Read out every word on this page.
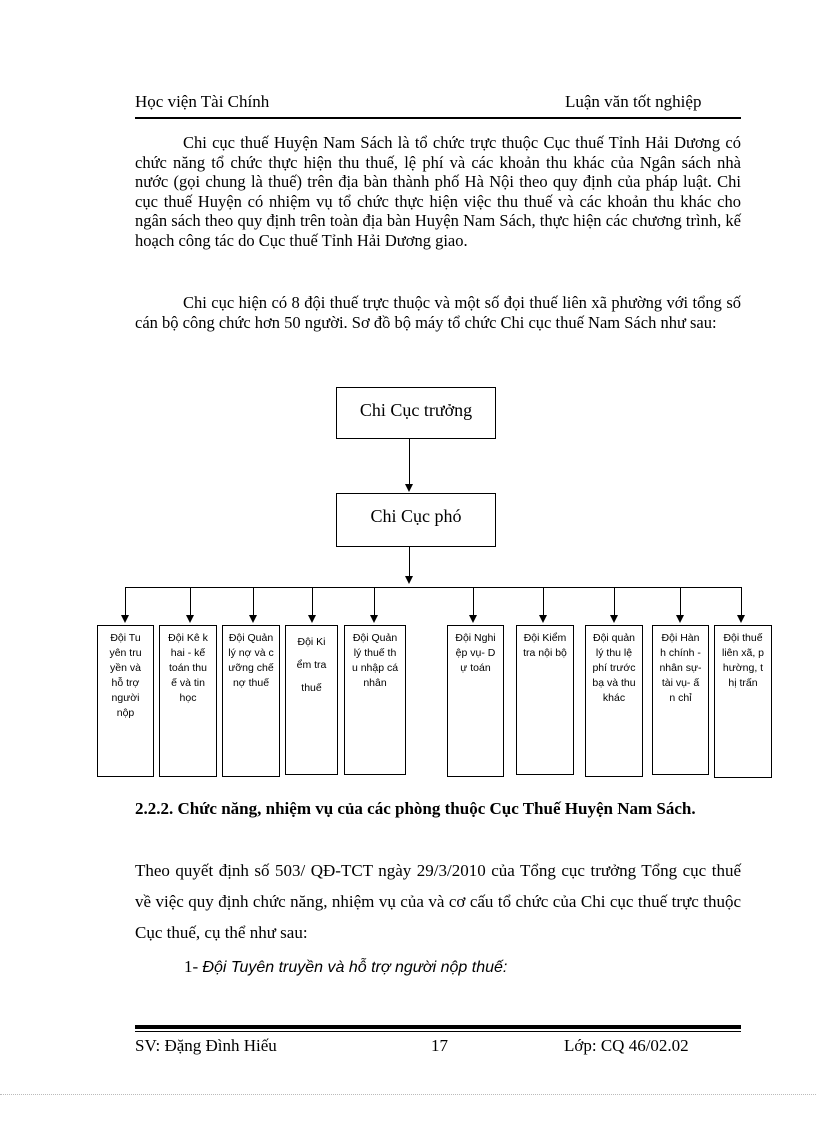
Học viện Tài Chính	Luận văn tốt nghiệp
Chi cục thuế Huyện Nam Sách là tổ chức trực thuộc Cục thuế Tỉnh Hải Dương có chức năng tổ chức thực hiện thu thuế, lệ phí và các khoản thu khác của Ngân sách nhà nước (gọi chung là thuế) trên địa bàn thành phố Hà Nội theo quy định của pháp luật. Chi cục thuế Huyện có nhiệm vụ tổ chức thực hiện việc thu thuế và các khoản thu khác cho ngân sách theo quy định trên toàn địa bàn Huyện Nam Sách, thực hiện các chương trình, kế hoạch công tác do Cục thuế Tỉnh Hải Dương giao.
Chi cục hiện có 8 đội thuế trực thuộc và một số đọi thuế liên xã phường với tổng số cán bộ công chức hơn 50 người. Sơ đồ bộ máy tổ chức Chi cục thuế Nam Sách như sau:
Chi Cục trưởng
Chi Cục phó
Đội Tuyên truyền và hỗ trợ người nộp
Đội Kê khai - kế toán thuế và tin học
Đội Quản lý nợ và cưỡng chế nợ thuế
Đội Kiểm tra thuế
Đội Quản lý thuế thu nhập cá nhân
Đội Nghiệp vụ- Dự toán
Đội Kiểm tra nội bộ
Đội quản lý thu lệ phí trước bạ và thu khác
Đội Hành chính - nhân sự- tài vụ- ấn chỉ
Đội thuế liên xã, phường, thị trấn
2.2.2. Chức năng, nhiệm vụ của các phòng thuộc Cục Thuế Huyện Nam Sách.
Theo quyết định số 503/ QĐ-TCT ngày 29/3/2010 của Tổng cục trưởng Tổng cục thuế về việc quy định chức năng, nhiệm vụ của và cơ cấu tổ chức của Chi cục thuế trực thuộc Cục thuế, cụ thể như sau:
1- Đội Tuyên truyền và hỗ trợ người nộp thuế:
SV: Đặng Đình Hiếu	17	Lớp: CQ 46/02.02
